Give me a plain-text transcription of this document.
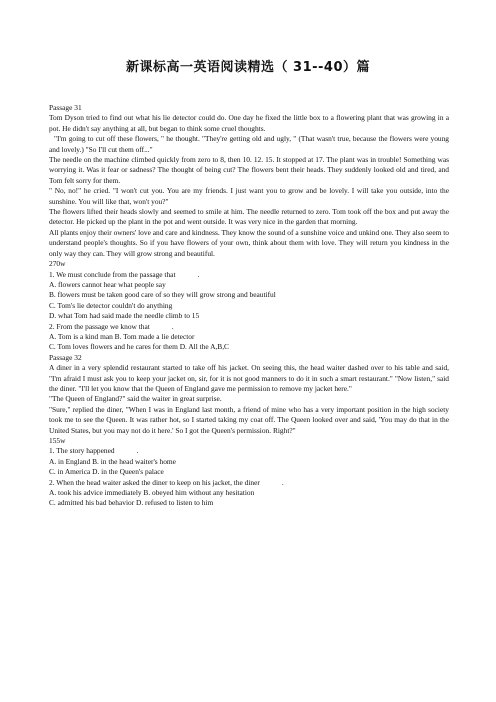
新课标高一英语阅读精选（ 31--40）篇

Passage 31

Tom Dyson tried to find out what his lie detector could do. One day he fixed the little box to a flowering plant that was growing in a pot. He didn't say anything at all, but began to think some cruel thoughts.

"I'm going to cut off these flowers, " he thought. "They're getting old and ugly, " (That wasn't true, because the flowers were young and lovely.) "So I'll cut them off..."

The needle on the machine climbed quickly from zero to 8, then 10. 12. 15. It stopped at 17. The plant was in trouble! Something was worrying it. Was it fear or sadness? The thought of being cut? The flowers bent their heads. They suddenly looked old and tired, and Tom felt sorry for them.

" No, no!" he cried. "I won't cut you. You are my friends. I just want you to grow and be lovely. I will take you outside, into the sunshine. You will like that, won't you?"

The flowers lifted their heads slowly and seemed to smile at him. The needle returned to zero. Tom took off the box and put away the detector. He picked up the plant in the pot and went outside. It was very nice in the garden that morning.

All plants enjoy their owners' love and care and kindness. They know the sound of a sunshine voice and unkind one. They also seem to understand people's thoughts. So if you have flowers of your own, think about them with love. They will return you kindness in the only way they can. They will grow strong and beautiful.

270w

1. We must conclude from the passage that	.

A. flowers cannot hear what people say

B. flowers must be taken good care of so they will grow strong and beautiful

C. Tom's lie detector couldn't do anything

D. what Tom had said made the needle climb to 15

2. From the passage we know that	.

A. Tom is a kind man B. Tom made a lie detector

C. Tom loves flowers and he cares for them D. All the A,B,C

Passage 32

A diner in a very splendid restaurant started to take off his jacket. On seeing this, the head waiter dashed over to his table and said, "I'm afraid I must ask you to keep your jacket on, sir, for it is not good manners to do it in such a smart restaurant." "Now listen," said the diner. "I'll let you know that the Queen of England gave me permission to remove my jacket here."

"The Queen of England?" said the waiter in great surprise.

"Sure," replied the diner, "When I was in England last month, a friend of mine who has a very important position in the high society took me to see the Queen. It was rather hot, so I started taking my coat off. The Queen looked over and said, 'You may do that in the United States, but you may not do it here.' So I got the Queen's permission. Right?"

155w

1. The story happened	.

A. in England B. in the head waiter's home

C. in America D. in the Queen's palace

2. When the head waiter asked the diner to keep on his jacket, the diner	.

A. took his advice immediately B. obeyed him without any hesitation

C. admitted his bad behavior D. refused to listen to him
